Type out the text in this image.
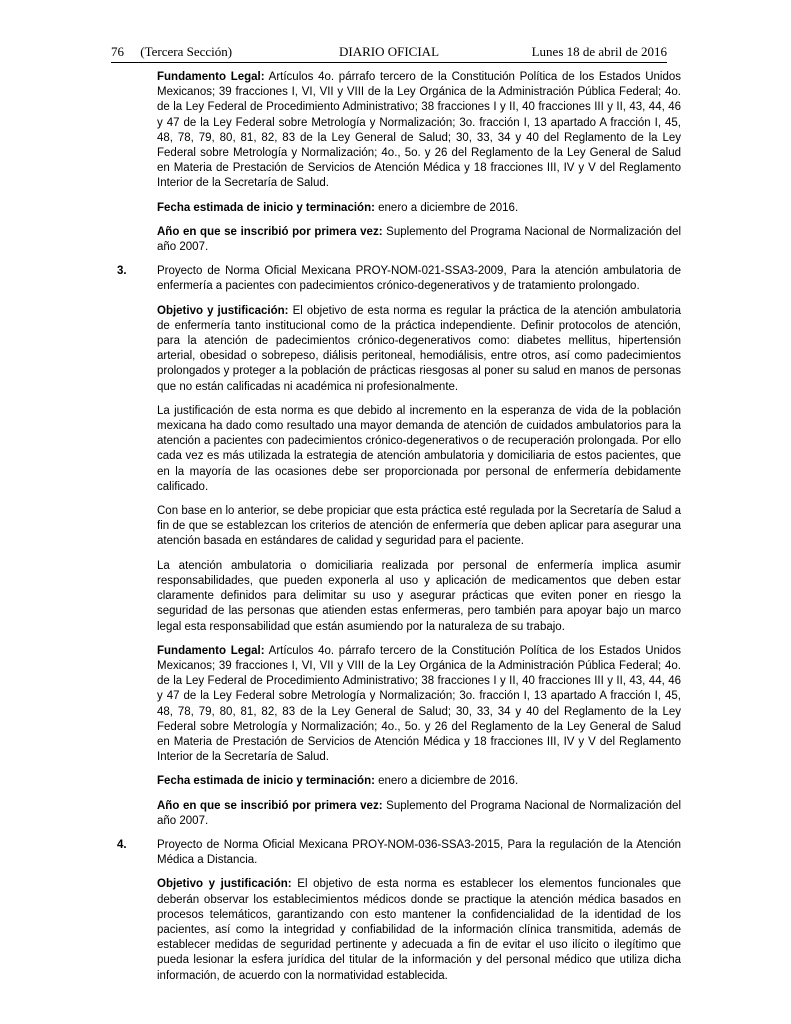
76     (Tercera Sección)	DIARIO OFICIAL	Lunes 18 de abril de 2016

Fundamento Legal: Artículos 4o. párrafo tercero de la Constitución Política de los Estados Unidos Mexicanos; 39 fracciones I, VI, VII y VIII de la Ley Orgánica de la Administración Pública Federal; 4o. de la Ley Federal de Procedimiento Administrativo; 38 fracciones I y II, 40 fracciones III y II, 43, 44, 46 y 47 de la Ley Federal sobre Metrología y Normalización; 3o. fracción I, 13 apartado A fracción I, 45, 48, 78, 79, 80, 81, 82, 83 de la Ley General de Salud; 30, 33, 34 y 40 del Reglamento de la Ley Federal sobre Metrología y Normalización; 4o., 5o. y 26 del Reglamento de la Ley General de Salud en Materia de Prestación de Servicios de Atención Médica y 18 fracciones III, IV y V del Reglamento Interior de la Secretaría de Salud.

Fecha estimada de inicio y terminación: enero a diciembre de 2016.

Año en que se inscribió por primera vez: Suplemento del Programa Nacional de Normalización del año 2007.

3.	Proyecto de Norma Oficial Mexicana PROY-NOM-021-SSA3-2009, Para la atención ambulatoria de enfermería a pacientes con padecimientos crónico-degenerativos y de tratamiento prolongado.

Objetivo y justificación: El objetivo de esta norma es regular la práctica de la atención ambulatoria de enfermería tanto institucional como de la práctica independiente. Definir protocolos de atención, para la atención de padecimientos crónico-degenerativos como: diabetes mellitus, hipertensión arterial, obesidad o sobrepeso, diálisis peritoneal, hemodiálisis, entre otros, así como padecimientos prolongados y proteger a la población de prácticas riesgosas al poner su salud en manos de personas que no están calificadas ni académica ni profesionalmente.

La justificación de esta norma es que debido al incremento en la esperanza de vida de la población mexicana ha dado como resultado una mayor demanda de atención de cuidados ambulatorios para la atención a pacientes con padecimientos crónico-degenerativos o de recuperación prolongada. Por ello cada vez es más utilizada la estrategia de atención ambulatoria y domiciliaria de estos pacientes, que en la mayoría de las ocasiones debe ser proporcionada por personal de enfermería debidamente calificado.

Con base en lo anterior, se debe propiciar que esta práctica esté regulada por la Secretaría de Salud a fin de que se establezcan los criterios de atención de enfermería que deben aplicar para asegurar una atención basada en estándares de calidad y seguridad para el paciente.

La atención ambulatoria o domiciliaria realizada por personal de enfermería implica asumir responsabilidades, que pueden exponerla al uso y aplicación de medicamentos que deben estar claramente definidos para delimitar su uso y asegurar prácticas que eviten poner en riesgo la seguridad de las personas que atienden estas enfermeras, pero también para apoyar bajo un marco legal esta responsabilidad que están asumiendo por la naturaleza de su trabajo.

Fundamento Legal: Artículos 4o. párrafo tercero de la Constitución Política de los Estados Unidos Mexicanos; 39 fracciones I, VI, VII y VIII de la Ley Orgánica de la Administración Pública Federal; 4o. de la Ley Federal de Procedimiento Administrativo; 38 fracciones I y II, 40 fracciones III y II, 43, 44, 46 y 47 de la Ley Federal sobre Metrología y Normalización; 3o. fracción I, 13 apartado A fracción I, 45, 48, 78, 79, 80, 81, 82, 83 de la Ley General de Salud; 30, 33, 34 y 40 del Reglamento de la Ley Federal sobre Metrología y Normalización; 4o., 5o. y 26 del Reglamento de la Ley General de Salud en Materia de Prestación de Servicios de Atención Médica y 18 fracciones III, IV y V del Reglamento Interior de la Secretaría de Salud.

Fecha estimada de inicio y terminación: enero a diciembre de 2016.

Año en que se inscribió por primera vez: Suplemento del Programa Nacional de Normalización del año 2007.

4.	Proyecto de Norma Oficial Mexicana PROY-NOM-036-SSA3-2015, Para la regulación de la Atención Médica a Distancia.

Objetivo y justificación: El objetivo de esta norma es establecer los elementos funcionales que deberán observar los establecimientos médicos donde se practique la atención médica basados en procesos telemáticos, garantizando con esto mantener la confidencialidad de la identidad de los pacientes, así como la integridad y confiabilidad de la información clínica transmitida, además de establecer medidas de seguridad pertinente y adecuada a fin de evitar el uso ilícito o ilegítimo que pueda lesionar la esfera jurídica del titular de la información y del personal médico que utiliza dicha información, de acuerdo con la normatividad establecida.
